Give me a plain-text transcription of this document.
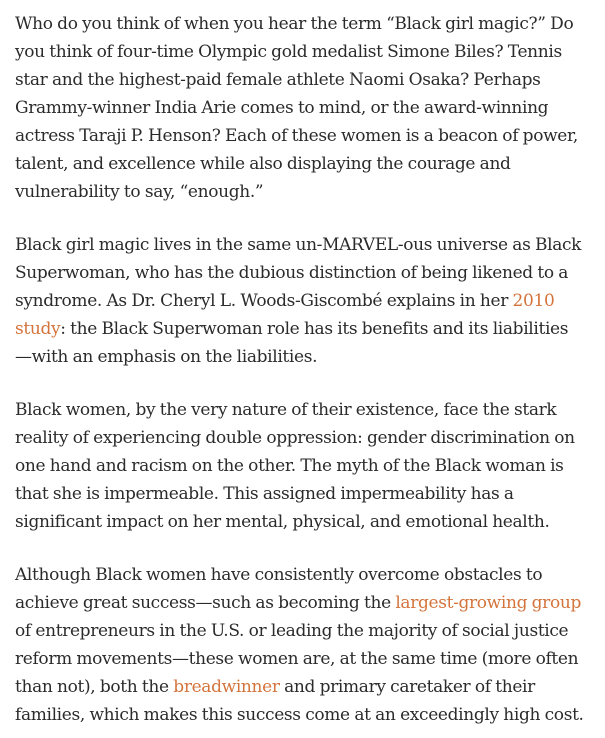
Who do you think of when you hear the term “Black girl magic?” Do
you think of four-time Olympic gold medalist Simone Biles? Tennis
star and the highest-paid female athlete Naomi Osaka? Perhaps
Grammy-winner India Arie comes to mind, or the award-winning
actress Taraji P. Henson? Each of these women is a beacon of power,
talent, and excellence while also displaying the courage and
vulnerability to say, “enough.”

Black girl magic lives in the same un-MARVEL-ous universe as Black
Superwoman, who has the dubious distinction of being likened to a
syndrome. As Dr. Cheryl L. Woods-Giscombé explains in her 2010
study: the Black Superwoman role has its benefits and its liabilities
—with an emphasis on the liabilities.

Black women, by the very nature of their existence, face the stark
reality of experiencing double oppression: gender discrimination on
one hand and racism on the other. The myth of the Black woman is
that she is impermeable. This assigned impermeability has a
significant impact on her mental, physical, and emotional health.

Although Black women have consistently overcome obstacles to
achieve great success—such as becoming the largest-growing group
of entrepreneurs in the U.S. or leading the majority of social justice
reform movements—these women are, at the same time (more often
than not), both the breadwinner and primary caretaker of their
families, which makes this success come at an exceedingly high cost.
